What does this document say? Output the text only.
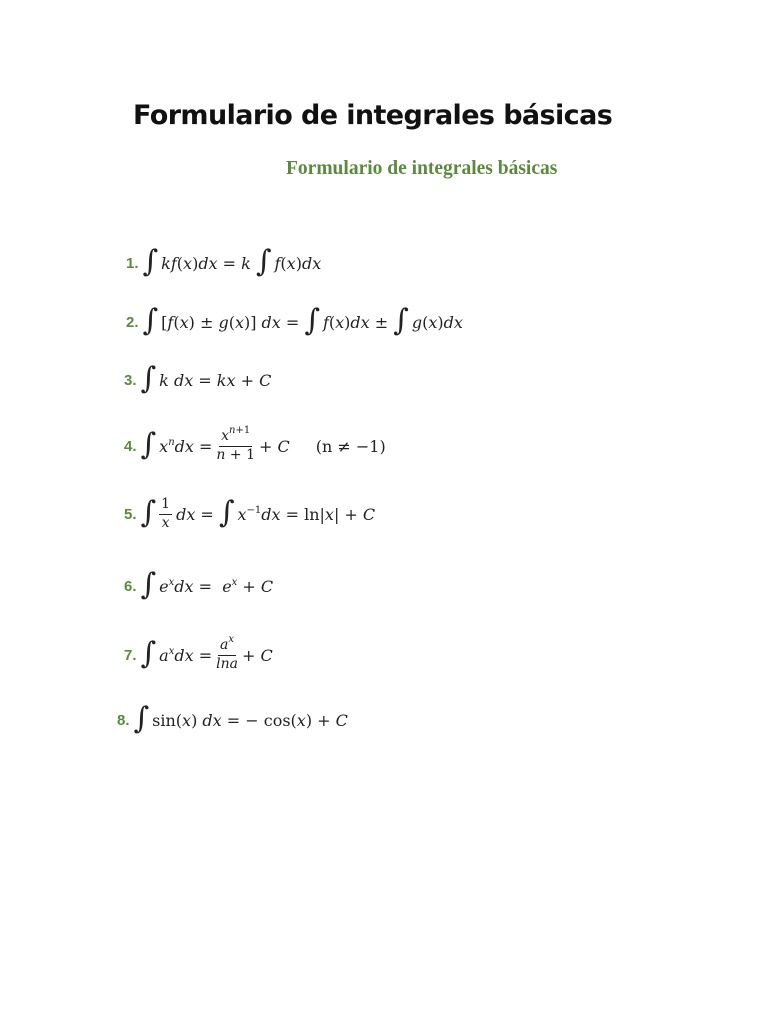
Formulario de integrales básicas
Formulario de integrales básicas
1. ∫ kf(x)dx = k ∫ f(x)dx
2. ∫ [f(x) ± g(x)] dx = ∫ f(x)dx ± ∫ g(x)dx
3. ∫ k dx = kx + C
4. ∫ $x^ndx = \frac{x^{n+1}}{n + 1} + C$ (n ≠ −1)
5. ∫ $\frac{1}{x}$ dx = ∫ $x^{-1}dx = \ln|x| + C$
6. ∫ $e^xdx = e^x + C$
7. ∫ $a^xdx = \frac{a^x}{\ln a} + C$
8. ∫ sin(x) dx = − cos(x) + C
